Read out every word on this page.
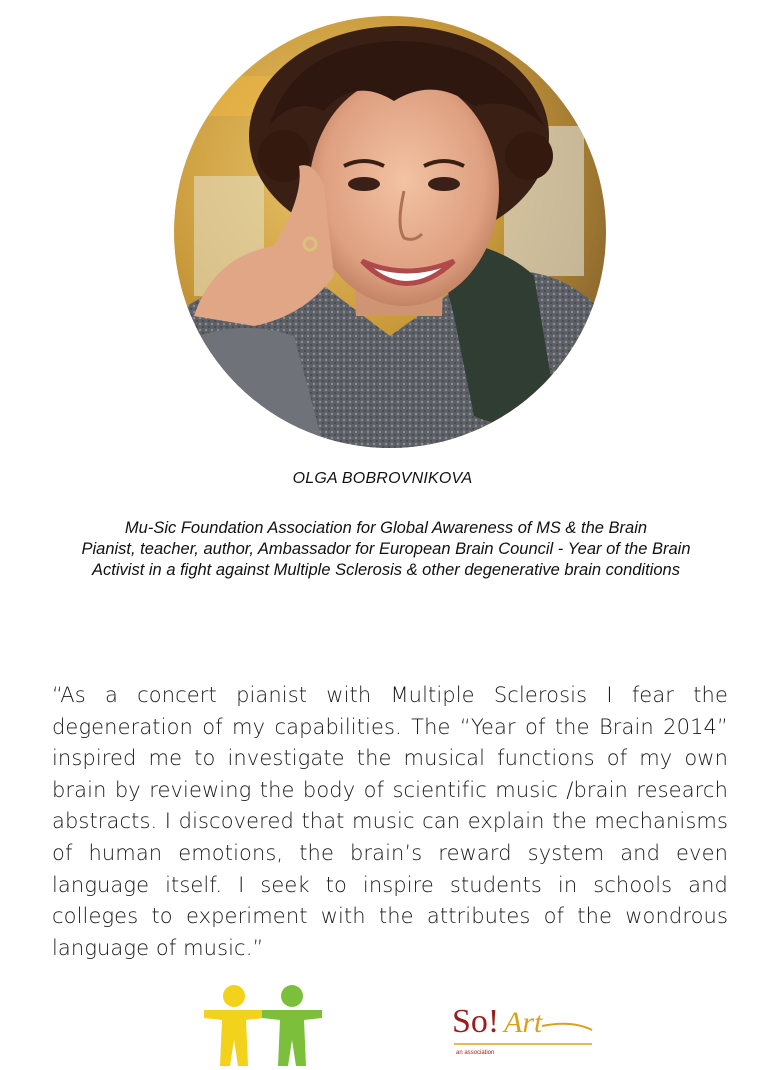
OLGA BOBROVNIKOVA
Mu-Sic Foundation Association for Global Awareness of MS & the Brain
Pianist, teacher, author, Ambassador for European Brain Council - Year of the Brain
Activist in a fight against Multiple Sclerosis & other degenerative brain conditions
“As a concert pianist with Multiple Sclerosis I fear the degeneration of my capabilities. The “Year of the Brain 2014” inspired me to investigate the musical functions of my own brain by reviewing the body of scientific music /brain research abstracts. I discovered that music can explain the mechanisms of human emotions, the brain’s reward system and even language itself. I seek to inspire students in schools and colleges to experiment with the attributes of the wondrous language of music.”
So! Art
an association
